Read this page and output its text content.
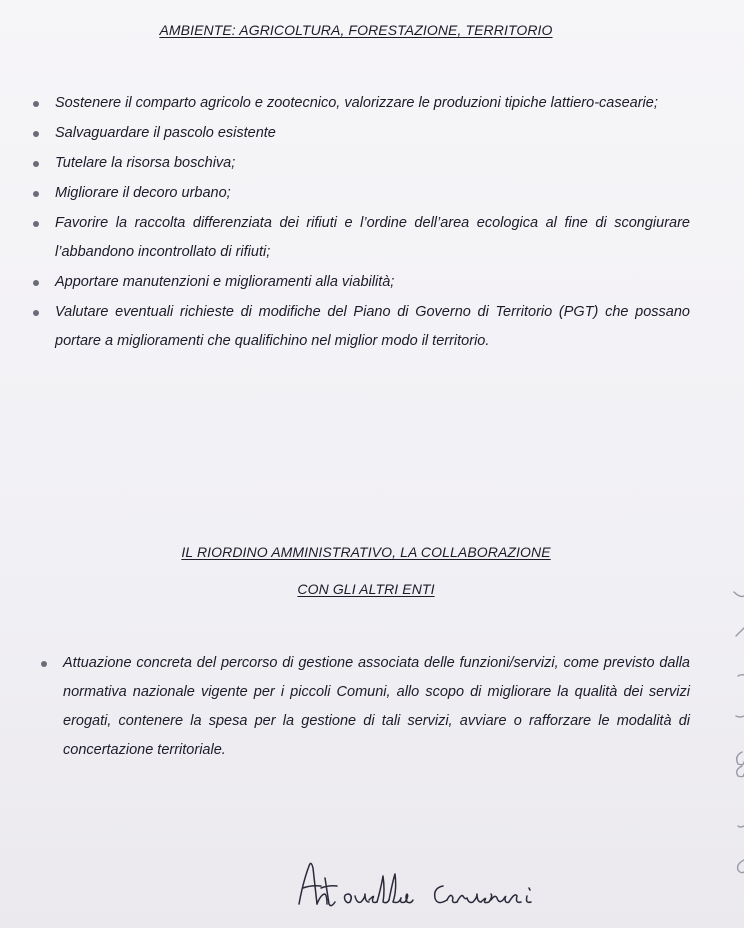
AMBIENTE: AGRICOLTURA, FORESTAZIONE, TERRITORIO
Sostenere il comparto agricolo e zootecnico, valorizzare le produzioni tipiche lattiero-casearie;
Salvaguardare il pascolo esistente
Tutelare la risorsa boschiva;
Migliorare il decoro urbano;
Favorire la raccolta differenziata dei rifiuti e l’ordine dell’area ecologica al fine di scongiurare l’abbandono incontrollato di rifiuti;
Apportare manutenzioni e miglioramenti alla viabilità;
Valutare eventuali richieste di modifiche del Piano di Governo di Territorio (PGT) che possano portare a miglioramenti che qualifichino nel miglior modo il territorio.
IL RIORDINO AMMINISTRATIVO, LA COLLABORAZIONE
CON GLI ALTRI ENTI
Attuazione concreta del percorso di gestione associata delle funzioni/servizi, come previsto dalla normativa nazionale vigente per i piccoli Comuni, allo scopo di migliorare la qualità dei servizi erogati, contenere la spesa per la gestione di tali servizi, avviare o rafforzare le modalità di concertazione territoriale.
